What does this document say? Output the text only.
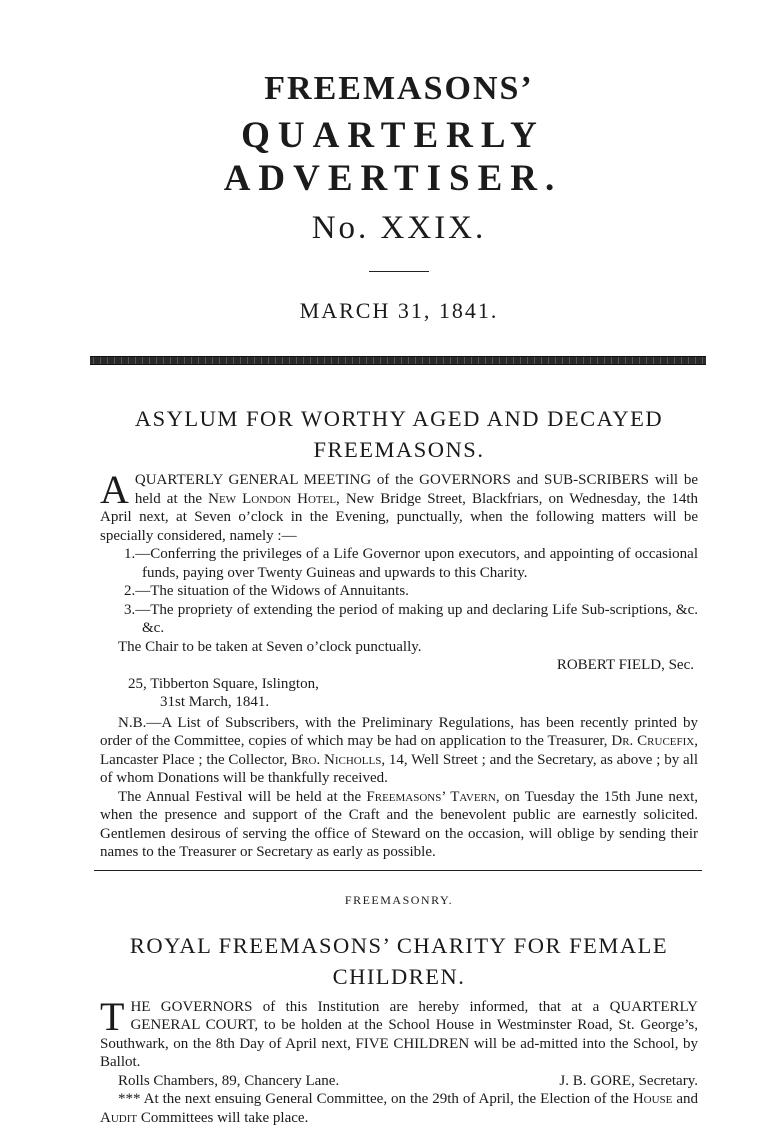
FREEMASONS’
QUARTERLY ADVERTISER.
No. XXIX.
MARCH 31, 1841.
ASYLUM FOR WORTHY AGED AND DECAYED FREEMASONS.

A QUARTERLY GENERAL MEETING of the GOVERNORS and SUB-SCRIBERS will be held at the New London Hotel, New Bridge Street, Blackfriars, on Wednesday, the 14th April next, at Seven o’clock in the Evening, punctually, when the following matters will be specially considered, namely :—

1.—Conferring the privileges of a Life Governor upon executors, and appointing of occasional funds, paying over Twenty Guineas and upwards to this Charity.

2.—The situation of the Widows of Annuitants.

3.—The propriety of extending the period of making up and declaring Life Sub-scriptions, &c. &c.

The Chair to be taken at Seven o’clock punctually.

ROBERT FIELD, Sec.
25, Tibberton Square, Islington,
31st March, 1841.

N.B.—A List of Subscribers, with the Preliminary Regulations, has been recently printed by order of the Committee, copies of which may be had on application to the Treasurer, Dr. Crucefix, Lancaster Place ; the Collector, Bro. Nicholls, 14, Well Street ; and the Secretary, as above ; by all of whom Donations will be thankfully received.

The Annual Festival will be held at the Freemasons’ Tavern, on Tuesday the 15th June next, when the presence and support of the Craft and the benevolent public are earnestly solicited. Gentlemen desirous of serving the office of Steward on the occasion, will oblige by sending their names to the Treasurer or Secretary as early as possible.

FREEMASONRY.
ROYAL FREEMASONS’ CHARITY FOR FEMALE CHILDREN.

THE GOVERNORS of this Institution are hereby informed, that at a QUARTERLY GENERAL COURT, to be holden at the School House in Westminster Road, St. George’s, Southwark, on the 8th Day of April next, FIVE CHILDREN will be ad-mitted into the School, by Ballot.

Rolls Chambers, 89, Chancery Lane.	J. B. GORE, Secretary.

*** At the next ensuing General Committee, on the 29th of April, the Election of the House and Audit Committees will take place.
